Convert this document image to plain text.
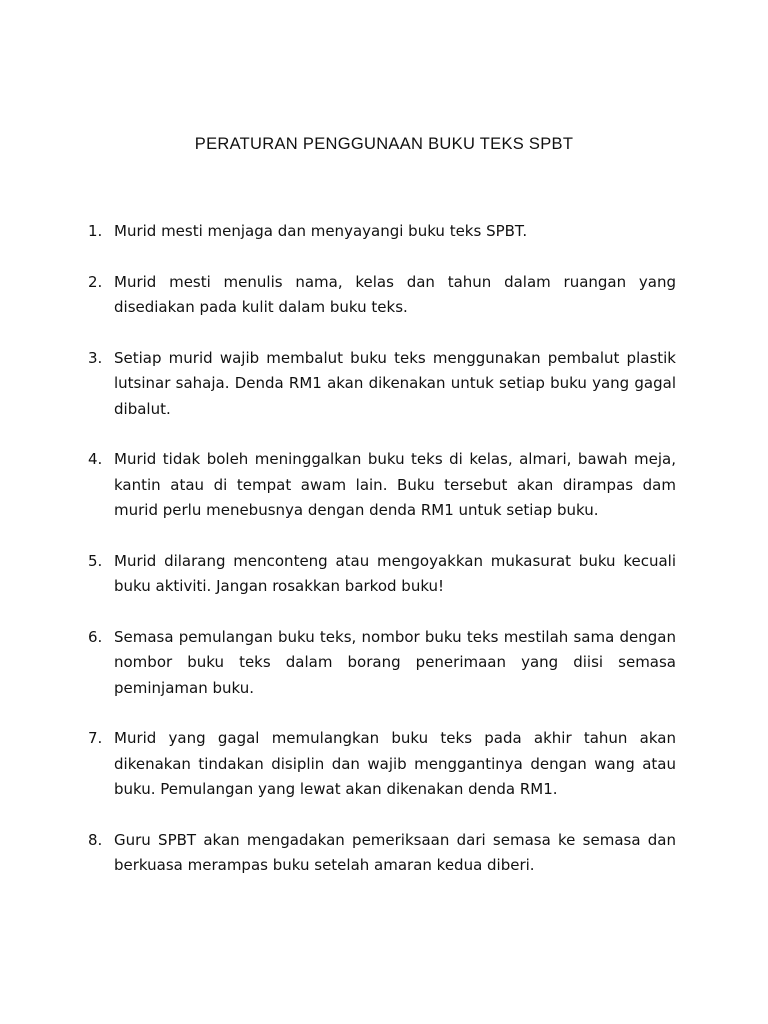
PERATURAN PENGGUNAAN BUKU TEKS SPBT
1. Murid mesti menjaga dan menyayangi buku teks SPBT.
2. Murid mesti menulis nama, kelas dan tahun dalam ruangan yang disediakan pada kulit dalam buku teks.
3. Setiap murid wajib membalut buku teks menggunakan pembalut plastik lutsinar sahaja. Denda RM1 akan dikenakan untuk setiap buku yang gagal dibalut.
4. Murid tidak boleh meninggalkan buku teks di kelas, almari, bawah meja, kantin atau di tempat awam lain. Buku tersebut akan dirampas dam murid perlu menebusnya dengan denda RM1 untuk setiap buku.
5. Murid dilarang menconteng atau mengoyakkan mukasurat buku kecuali buku aktiviti. Jangan rosakkan barkod buku!
6. Semasa pemulangan buku teks, nombor buku teks mestilah sama dengan nombor buku teks dalam borang penerimaan yang diisi semasa peminjaman buku.
7. Murid yang gagal memulangkan buku teks pada akhir tahun akan dikenakan tindakan disiplin dan wajib menggantinya dengan wang atau buku. Pemulangan yang lewat akan dikenakan denda RM1.
8. Guru SPBT akan mengadakan pemeriksaan dari semasa ke semasa dan berkuasa merampas buku setelah amaran kedua diberi.
